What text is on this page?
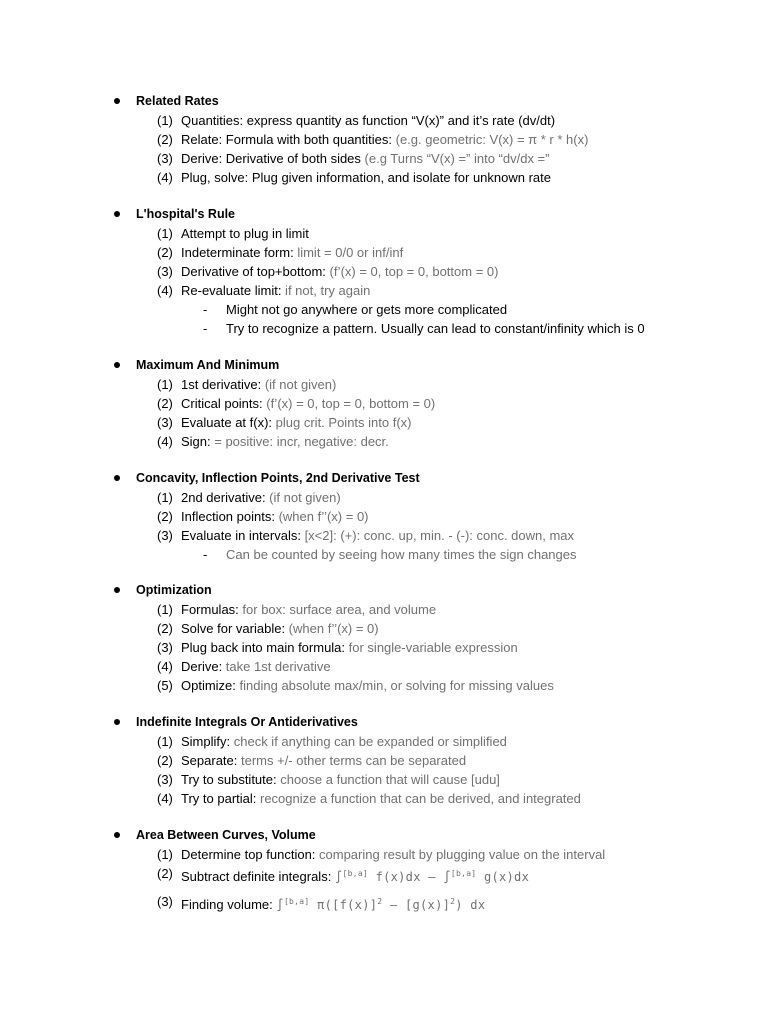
Related Rates
(1) Quantities: express quantity as function “V(x)” and it’s rate (dv/dt)
(2) Relate: Formula with both quantities: (e.g. geometric: V(x) = π * r * h(x)
(3) Derive: Derivative of both sides (e.g Turns “V(x) =” into “dv/dx =”
(4) Plug, solve: Plug given information, and isolate for unknown rate
L'hospital's Rule
(1) Attempt to plug in limit
(2) Indeterminate form: limit = 0/0 or inf/inf
(3) Derivative of top+bottom: (f’(x) = 0, top = 0, bottom = 0)
(4) Re-evaluate limit: if not, try again
- Might not go anywhere or gets more complicated
- Try to recognize a pattern. Usually can lead to constant/infinity which is 0
Maximum And Minimum
(1) 1st derivative: (if not given)
(2) Critical points: (f’(x) = 0, top = 0, bottom = 0)
(3) Evaluate at f(x): plug crit. Points into f(x)
(4) Sign: = positive: incr, negative: decr.
Concavity, Inflection Points, 2nd Derivative Test
(1) 2nd derivative: (if not given)
(2) Inflection points: (when f’’(x) = 0)
(3) Evaluate in intervals: [x<2]: (+): conc. up, min. - (-): conc. down, max
- Can be counted by seeing how many times the sign changes
Optimization
(1) Formulas: for box: surface area, and volume
(2) Solve for variable: (when f’’(x) = 0)
(3) Plug back into main formula: for single-variable expression
(4) Derive: take 1st derivative
(5) Optimize: finding absolute max/min, or solving for missing values
Indefinite Integrals Or Antiderivatives
(1) Simplify: check if anything can be expanded or simplified
(2) Separate: terms +/- other terms can be separated
(3) Try to substitute: choose a function that will cause [udu]
(4) Try to partial: recognize a function that can be derived, and integrated
Area Between Curves, Volume
(1) Determine top function: comparing result by plugging value on the interval
(2) Subtract definite integrals: ∫[b,a] f(x)dx – ∫[b,a] g(x)dx
(3) Finding volume: ∫[b,a] $\pi([f(x)]^2 - [g(x)]^2)$ dx
